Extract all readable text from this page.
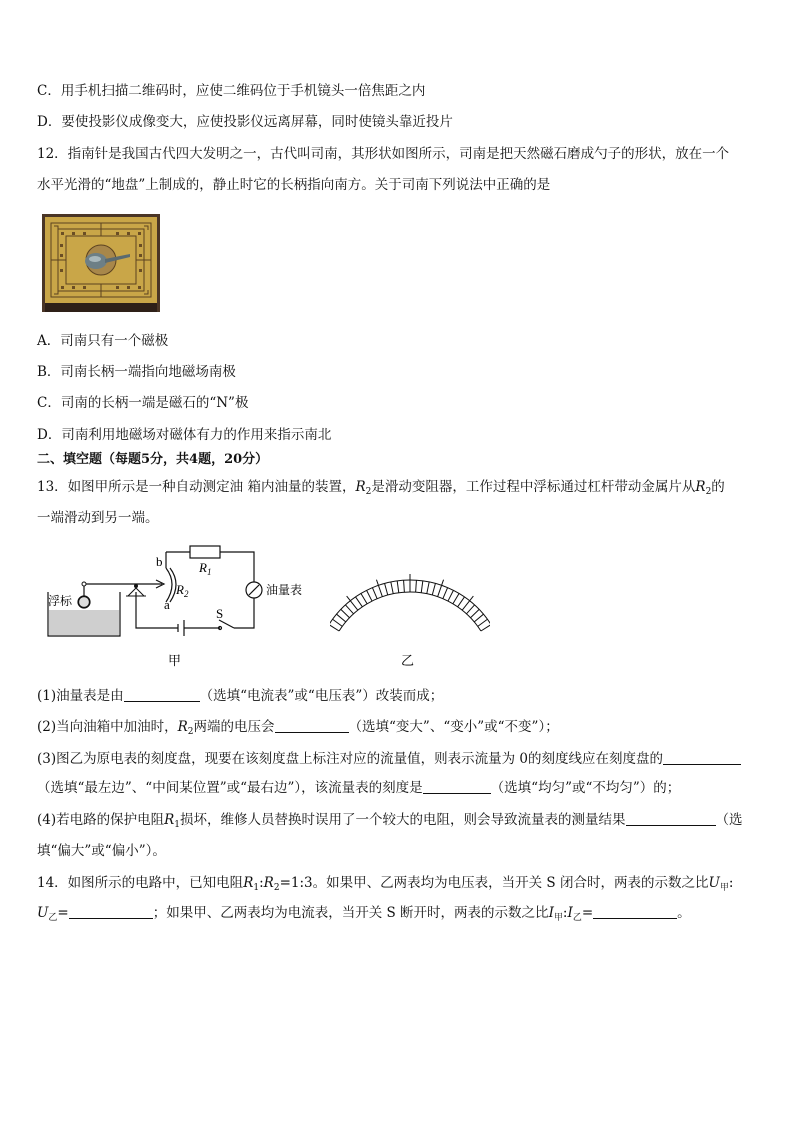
C．用手机扫描二维码时，应使二维码位于手机镜头一倍焦距之内
D．要使投影仪成像变大，应使投影仪远离屏幕，同时使镜头靠近投片
12．指南针是我国古代四大发明之一，古代叫司南，其形状如图所示，司南是把天然磁石磨成勺子的形状，放在一个
水平光滑的“地盘”上制成的，静止时它的长柄指向南方。关于司南下列说法中正确的是
A．司南只有一个磁极
B．司南长柄一端指向地磁场南极
C．司南的长柄一端是磁石的“N”极
D．司南利用地磁场对磁体有力的作用来指示南北
二、填空题（每题5分，共4题，20分）
13．如图甲所示是一种自动测定油 箱内油量的装置，$R_2$是滑动变阻器，工作过程中浮标通过杠杆带动金属片从$R_2$的
一端滑动到另一端。
b
a
$R_1$
$R_2$	油量表
浮标
S
甲	乙
(1)油量表是由	（选填“电流表”或“电压表”）改装而成；
(2)当向油箱中加油时，$R_2$两端的电压会	（选填“变大”、“变小”或“不变”）；
(3)图乙为原电表的刻度盘，现要在该刻度盘上标注对应的流量值，则表示流量为 0的刻度线应在刻度盘的
（选填“最左边”、“中间某位置”或“最右边”），该流量表的刻度是	（选填“均匀”或“不均匀”）的；
(4)若电路的保护电阻$R_1$损坏，维修人员替换时误用了一个较大的电阻，则会导致流量表的测量结果	（选
填“偏大”或“偏小”）。
14．如图所示的电路中，已知电阻$R_1:R_2=1:3$。如果甲、乙两表均为电压表，当开关 S 闭合时，两表的示数之比$U_甲$:
$U_乙=$	；如果甲、乙两表均为电流表，当开关 S 断开时，两表的示数之比$I_甲:I_乙=$	。
